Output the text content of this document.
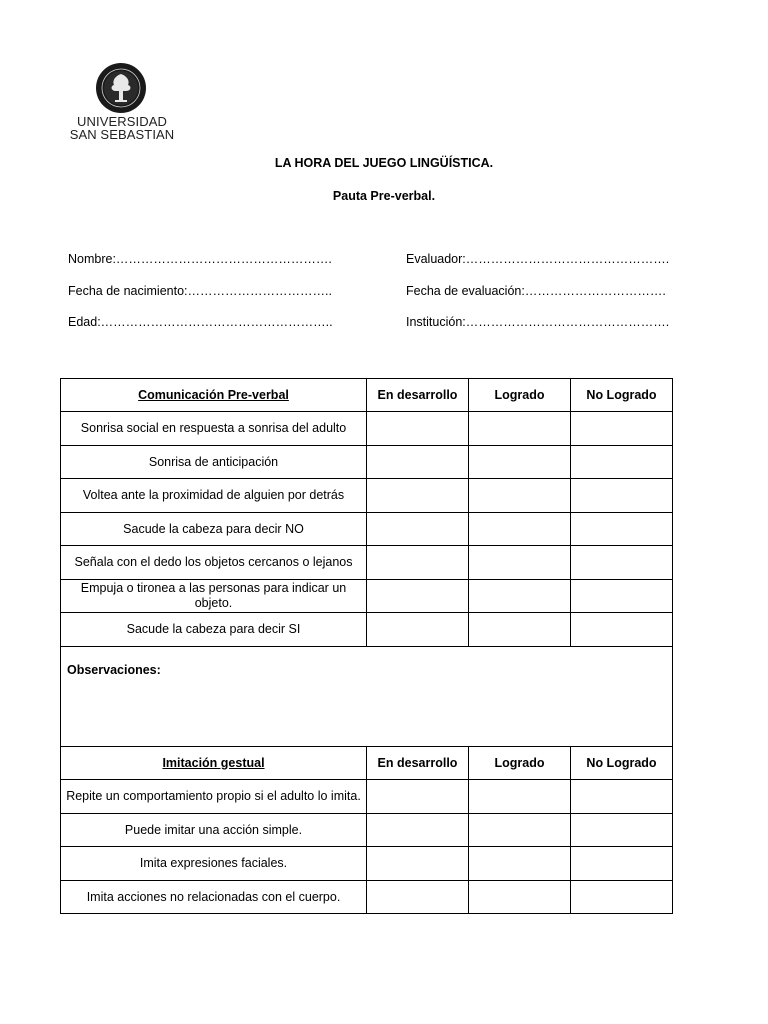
UNIVERSIDAD
SAN SEBASTIAN
LA HORA DEL JUEGO LINGÜÍSTICA.
Pauta Pre-verbal.
Nombre:…………………………………………….	Evaluador:………………………………………….
Fecha de nacimiento:……………………………..	Fecha de evaluación:…………………………….
Edad:………………………………………………..	Institución:………………………………………….
Comunicación Pre-verbal	En desarrollo	Logrado	No Logrado
Sonrisa social en respuesta a sonrisa del adulto			
Sonrisa de anticipación			
Voltea ante la proximidad de alguien por detrás			
Sacude la cabeza para decir NO			
Señala con el dedo los objetos cercanos o lejanos			
Empuja o tironea a las personas para indicar un objeto.			
Sacude la cabeza para decir SI			
Observaciones:			
Imitación gestual	En desarrollo	Logrado	No Logrado
Repite un comportamiento propio si el adulto lo imita.			
Puede imitar una acción simple.			
Imita expresiones faciales.			
Imita acciones no relacionadas con el cuerpo.			
